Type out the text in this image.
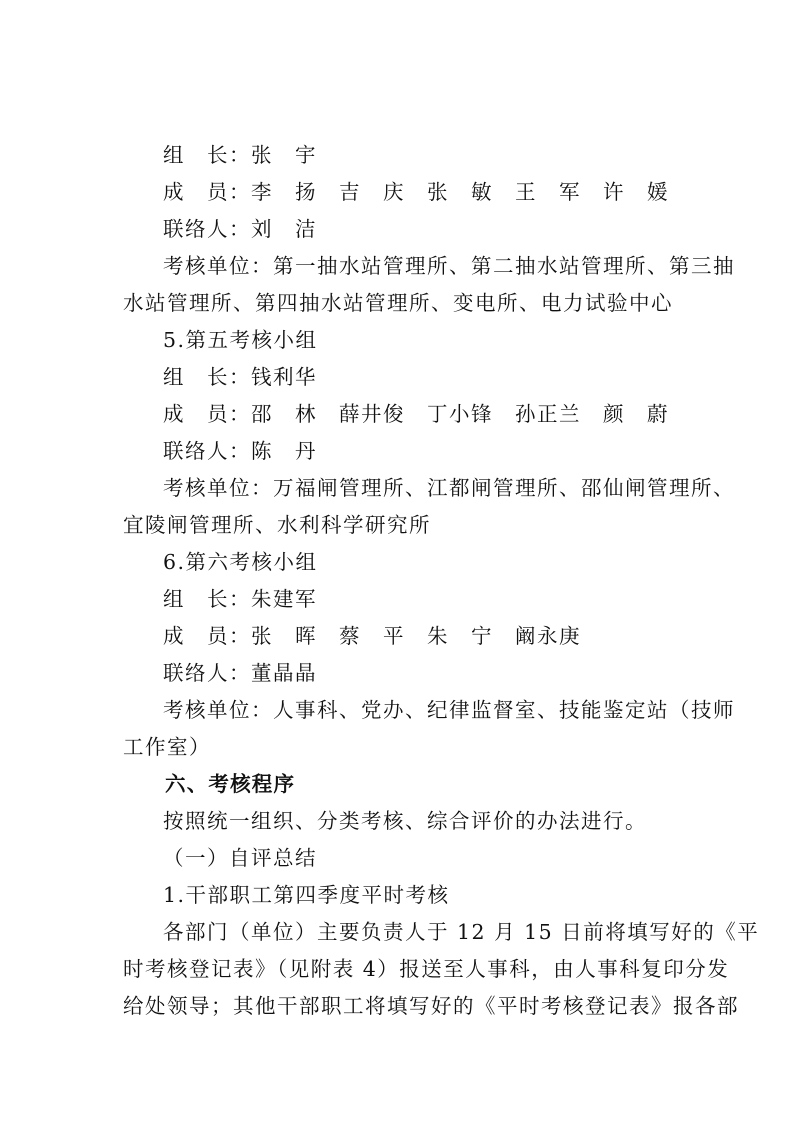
组　长：张　宇
成　员：李　扬　吉　庆　张　敏　王　军　许　媛
联络人：刘　洁
考核单位：第一抽水站管理所、第二抽水站管理所、第三抽
水站管理所、第四抽水站管理所、变电所、电力试验中心
5.第五考核小组
组　长：钱利华
成　员：邵　林　薛井俊　丁小锋　孙正兰　颜　蔚
联络人：陈　丹
考核单位：万福闸管理所、江都闸管理所、邵仙闸管理所、
宜陵闸管理所、水利科学研究所
6.第六考核小组
组　长：朱建军
成　员：张　晖　蔡　平　朱　宁　阚永庚
联络人：董晶晶
考核单位：人事科、党办、纪律监督室、技能鉴定站（技师
工作室）
六、考核程序
按照统一组织、分类考核、综合评价的办法进行。
（一）自评总结
1.干部职工第四季度平时考核
各部门（单位）主要负责人于 12 月 15 日前将填写好的《平
时考核登记表》（见附表 4）报送至人事科，由人事科复印分发
给处领导；其他干部职工将填写好的《平时考核登记表》报各部
